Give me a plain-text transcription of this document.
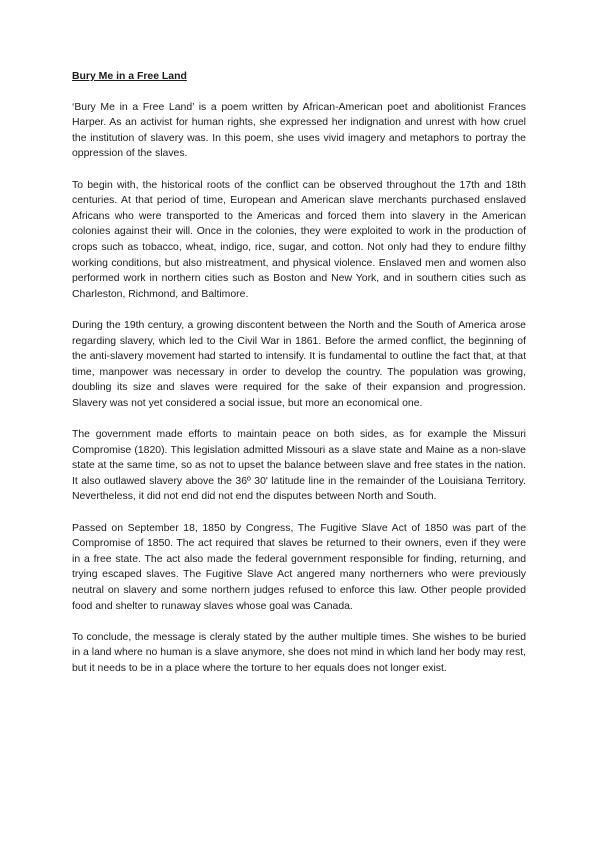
Bury Me in a Free Land

‘Bury Me in a Free Land’ is a poem written by African-American poet and abolitionist Frances Harper. As an activist for human rights, she expressed her indignation and unrest with how cruel the institution of slavery was. In this poem, she uses vivid imagery and metaphors to portray the oppression of the slaves.

To begin with, the historical roots of the conflict can be observed throughout the 17th and 18th centuries. At that period of time, European and American slave merchants purchased enslaved Africans who were transported to the Americas and forced them into slavery in the American colonies against their will. Once in the colonies, they were exploited to work in the production of crops such as tobacco, wheat, indigo, rice, sugar, and cotton. Not only had they to endure filthy working conditions, but also mistreatment, and physical violence. Enslaved men and women also performed work in northern cities such as Boston and New York, and in southern cities such as Charleston, Richmond, and Baltimore.

During the 19th century, a growing discontent between the North and the South of America arose regarding slavery, which led to the Civil War in 1861. Before the armed conflict, the beginning of the anti-slavery movement had started to intensify. It is fundamental to outline the fact that, at that time, manpower was necessary in order to develop the country. The population was growing, doubling its size and slaves were required for the sake of their expansion and progression. Slavery was not yet considered a social issue, but more an economical one.

The government made efforts to maintain peace on both sides, as for example the Missuri Compromise (1820). This legislation admitted Missouri as a slave state and Maine as a non-slave state at the same time, so as not to upset the balance between slave and free states in the nation. It also outlawed slavery above the 36º 30' latitude line in the remainder of the Louisiana Territory. Nevertheless, it did not end did not end the disputes between North and South.

Passed on September 18, 1850 by Congress, The Fugitive Slave Act of 1850 was part of the Compromise of 1850. The act required that slaves be returned to their owners, even if they were in a free state. The act also made the federal government responsible for finding, returning, and trying escaped slaves. The Fugitive Slave Act angered many northerners who were previously neutral on slavery and some northern judges refused to enforce this law. Other people provided food and shelter to runaway slaves whose goal was Canada.

To conclude, the message is cleraly stated by the auther multiple times. She wishes to be buried in a land where no human is a slave anymore, she does not mind in which land her body may rest, but it needs to be in a place where the torture to her equals does not longer exist.
